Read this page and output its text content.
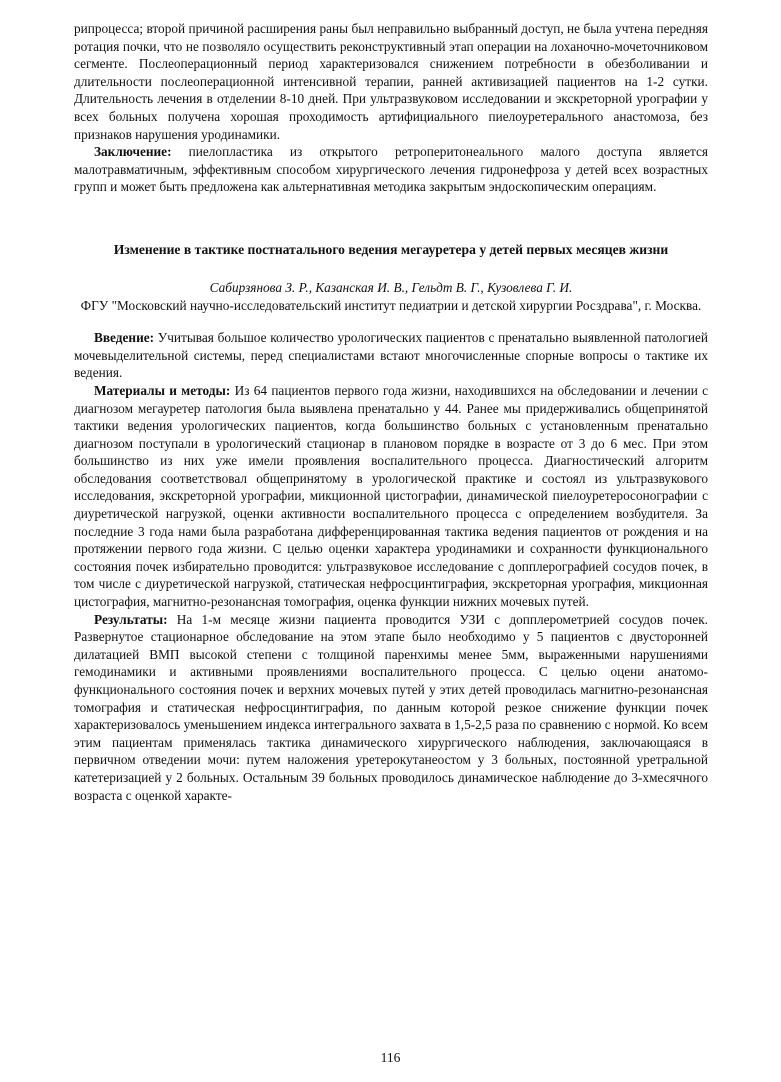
рипроцесса; второй причиной расширения раны был неправильно выбранный доступ, не была учтена передняя ротация почки, что не позволяло осуществить реконструктивный этап операции на лоханочно-мочеточниковом сегменте. Послеоперационный период характеризовался снижением потребности в обезболивании и длительности послеоперационной интенсивной терапии, ранней активизацией пациентов на 1-2 сутки. Длительность лечения в отделении 8-10 дней. При ультразвуковом исследовании и экскреторной урографии у всех больных получена хорошая проходимость артифициального пиелоуретерального анастомоза, без признаков нарушения уродинамики.

Заключение: пиелопластика из открытого ретроперитонеального малого доступа является малотравматичным, эффективным способом хирургического лечения гидронефроза у детей всех возрастных групп и может быть предложена как альтернативная методика закрытым эндоскопическим операциям.

Изменение в тактике постнатального ведения мегауретера у детей первых месяцев жизни

Сабирзянова З. Р., Казанская И. В., Гельдт В. Г., Кузовлева Г. И.

ФГУ "Московский научно-исследовательский институт педиатрии и детской хирургии Росздрава", г. Москва.

Введение: Учитывая большое количество урологических пациентов с пренатально выявленной патологией мочевыделительной системы, перед специалистами встают многочисленные спорные вопросы о тактике их ведения.

Материалы и методы: Из 64 пациентов первого года жизни, находившихся на обследовании и лечении с диагнозом мегауретер патология была выявлена пренатально у 44. Ранее мы придерживались общепринятой тактики ведения урологических пациентов, когда большинство больных с установленным пренатально диагнозом поступали в урологический стационар в плановом порядке в возрасте от 3 до 6 мес. При этом большинство из них уже имели проявления воспалительного процесса. Диагностический алгоритм обследования соответствовал общепринятому в урологической практике и состоял из ультразвукового исследования, экскреторной урографии, микционной цистографии, динамической пиелоуретеросонографии с диуретической нагрузкой, оценки активности воспалительного процесса с определением возбудителя. За последние 3 года нами была разработана дифференцированная тактика ведения пациентов от рождения и на протяжении первого года жизни. С целью оценки характера уродинамики и сохранности функционального состояния почек избирательно проводится: ультразвуковое исследование с допплерографией сосудов почек, в том числе с диуретической нагрузкой, статическая нефросцинтиграфия, экскреторная урография, микционная цистография, магнитно-резонансная томография, оценка функции нижних мочевых путей.

Результаты: На 1-м месяце жизни пациента проводится УЗИ с допплерометрией сосудов почек. Развернутое стационарное обследование на этом этапе было необходимо у 5 пациентов с двусторонней дилатацией ВМП высокой степени с толщиной паренхимы менее 5мм, выраженными нарушениями гемодинамики и активными проявлениями воспалительного процесса. С целью оцени анатомо-функционального состояния почек и верхних мочевых путей у этих детей проводилась магнитно-резонансная томография и статическая нефросцинтиграфия, по данным которой резкое снижение функции почек характеризовалось уменьшением индекса интегрального захвата в 1,5-2,5 раза по сравнению с нормой. Ко всем этим пациентам применялась тактика динамического хирургического наблюдения, заключающаяся в первичном отведении мочи: путем наложения уретерокутанеостом у 3 больных, постоянной уретральной катетеризацией у 2 больных. Остальным 39 больных проводилось динамическое наблюдение до 3-хмесячного возраста с оценкой характе-

116
